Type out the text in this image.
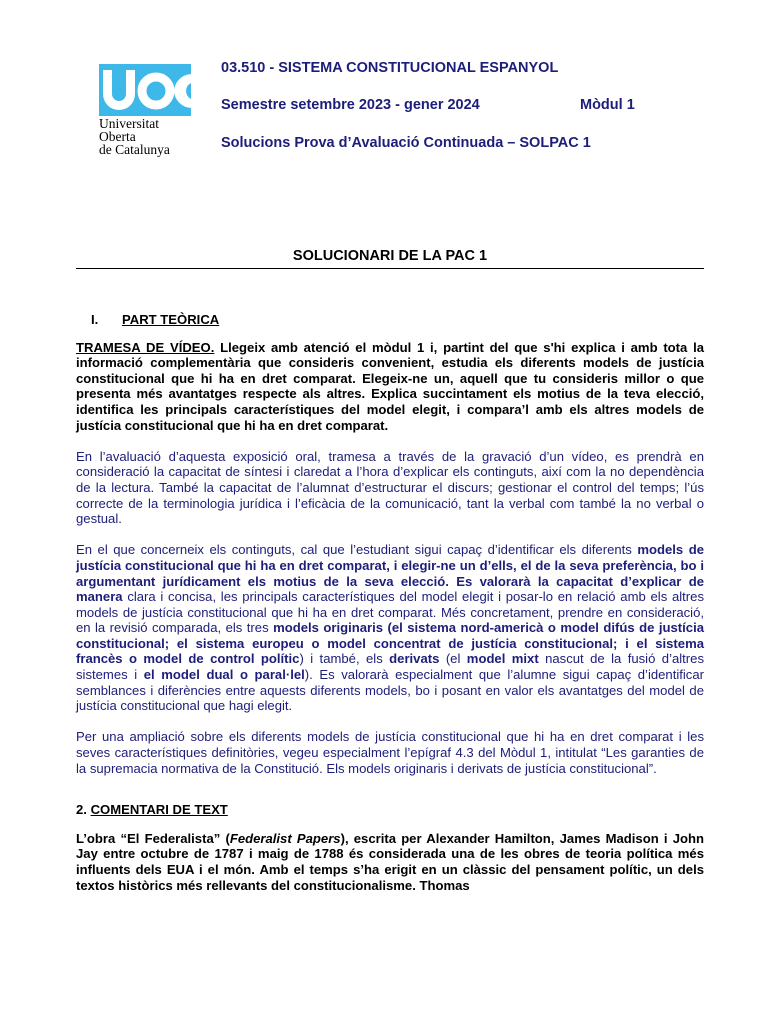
Universitat
Oberta
de Catalunya
03.510 - SISTEMA CONSTITUCIONAL ESPANYOL
Semestre setembre 2023 - gener 2024	Mòdul 1
Solucions Prova d’Avaluació Continuada – SOLPAC 1
SOLUCIONARI DE LA PAC 1
I. PART TEÒRICA

TRAMESA DE VÍDEO. Llegeix amb atenció el mòdul 1 i, partint del que s'hi explica i amb tota la informació complementària que consideris convenient, estudia els diferents models de justícia constitucional que hi ha en dret comparat. Elegeix-ne un, aquell que tu consideris millor o que presenta més avantatges respecte als altres. Explica succintament els motius de la teva elecció, identifica les principals característiques del model elegit, i compara’l amb els altres models de justícia constitucional que hi ha en dret comparat.

En l’avaluació d’aquesta exposició oral, tramesa a través de la gravació d’un vídeo, es prendrà en consideració la capacitat de síntesi i claredat a l’hora d’explicar els continguts, així com la no dependència de la lectura. També la capacitat de l’alumnat d’estructurar el discurs; gestionar el control del temps; l’ús correcte de la terminologia jurídica i l’eficàcia de la comunicació, tant la verbal com també la no verbal o gestual.

En el que concerneix els continguts, cal que l’estudiant sigui capaç d’identificar els diferents models de justícia constitucional que hi ha en dret comparat, i elegir-ne un d’ells, el de la seva preferència, bo i argumentant jurídicament els motius de la seva elecció. Es valorarà la capacitat d’explicar de manera clara i concisa, les principals característiques del model elegit i posar-lo en relació amb els altres models de justícia constitucional que hi ha en dret comparat. Més concretament, prendre en consideració, en la revisió comparada, els tres models originaris (el sistema nord-americà o model difús de justícia constitucional; el sistema europeu o model concentrat de justícia constitucional; i el sistema francès o model de control polític) i també, els derivats (el model mixt nascut de la fusió d’altres sistemes i el model dual o paral·lel). Es valorarà especialment que l’alumne sigui capaç d’identificar semblances i diferències entre aquests diferents models, bo i posant en valor els avantatges del model de justícia constitucional que hagi elegit.

Per una ampliació sobre els diferents models de justícia constitucional que hi ha en dret comparat i les seves característiques definitòries, vegeu especialment l’epígraf 4.3 del Mòdul 1, intitulat “Les garanties de la supremacia normativa de la Constitució. Els models originaris i derivats de justícia constitucional”.

2. COMENTARI DE TEXT

L’obra “El Federalista” (Federalist Papers), escrita per Alexander Hamilton, James Madison i John Jay entre octubre de 1787 i maig de 1788 és considerada una de les obres de teoria política més influents dels EUA i el món. Amb el temps s’ha erigit en un clàssic del pensament polític, un dels textos històrics més rellevants del constitucionalisme. Thomas
